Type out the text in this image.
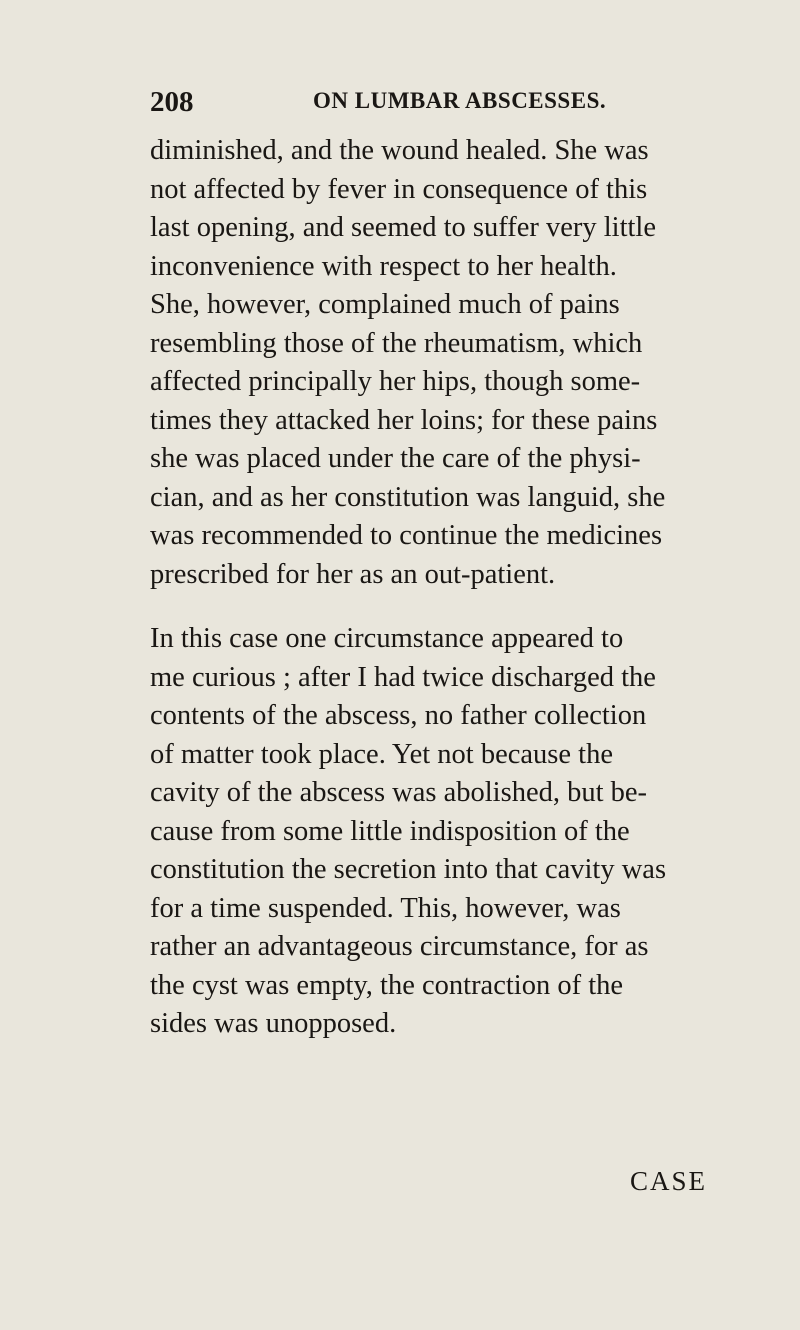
208	ON LUMBAR ABSCESSES.
diminished, and the wound healed. She was
not affected by fever in consequence of this
last opening, and seemed to suffer very little
inconvenience with respect to her health.
She, however, complained much of pains
resembling those of the rheumatism, which
affected principally her hips, though some-
times they attacked her loins; for these pains
she was placed under the care of the physi-
cian, and as her constitution was languid, she
was recommended to continue the medicines
prescribed for her as an out-patient.
In this case one circumstance appeared to
me curious ; after I had twice discharged the
contents of the abscess, no father collection
of matter took place. Yet not because the
cavity of the abscess was abolished, but be-
cause from some little indisposition of the
constitution the secretion into that cavity was
for a time suspended. This, however, was
rather an advantageous circumstance, for as
the cyst was empty, the contraction of the
sides was unopposed.
CASE
